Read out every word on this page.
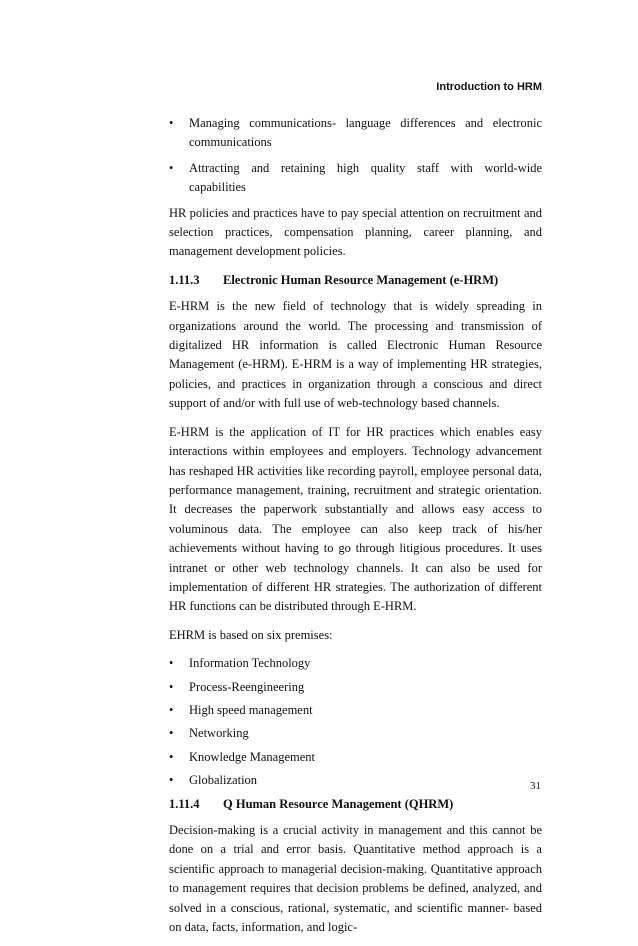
Introduction to HRM
• Managing communications- language differences and electronic communications
• Attracting and retaining high quality staff with world-wide capabilities

HR policies and practices have to pay special attention on recruitment and selection practices, compensation planning, career planning, and management development policies.

1.11.3 Electronic Human Resource Management (e-HRM)

E-HRM is the new field of technology that is widely spreading in organizations around the world. The processing and transmission of digitalized HR information is called Electronic Human Resource Management (e-HRM). E-HRM is a way of implementing HR strategies, policies, and practices in organization through a conscious and direct support of and/or with full use of web-technology based channels.

E-HRM is the application of IT for HR practices which enables easy interactions within employees and employers. Technology advancement has reshaped HR activities like recording payroll, employee personal data, performance management, training, recruitment and strategic orientation. It decreases the paperwork substantially and allows easy access to voluminous data. The employee can also keep track of his/her achievements without having to go through litigious procedures. It uses intranet or other web technology channels. It can also be used for implementation of different HR strategies. The authorization of different HR functions can be distributed through E-HRM.

EHRM is based on six premises:

• Information Technology
• Process-Reengineering
• High speed management
• Networking
• Knowledge Management
• Globalization
1.11.4 Q Human Resource Management (QHRM)

Decision-making is a crucial activity in management and this cannot be done on a trial and error basis. Quantitative method approach is a scientific approach to managerial decision-making. Quantitative approach to management requires that decision problems be defined, analyzed, and solved in a conscious, rational, systematic, and scientific manner- based on data, facts, information, and logic-

31
